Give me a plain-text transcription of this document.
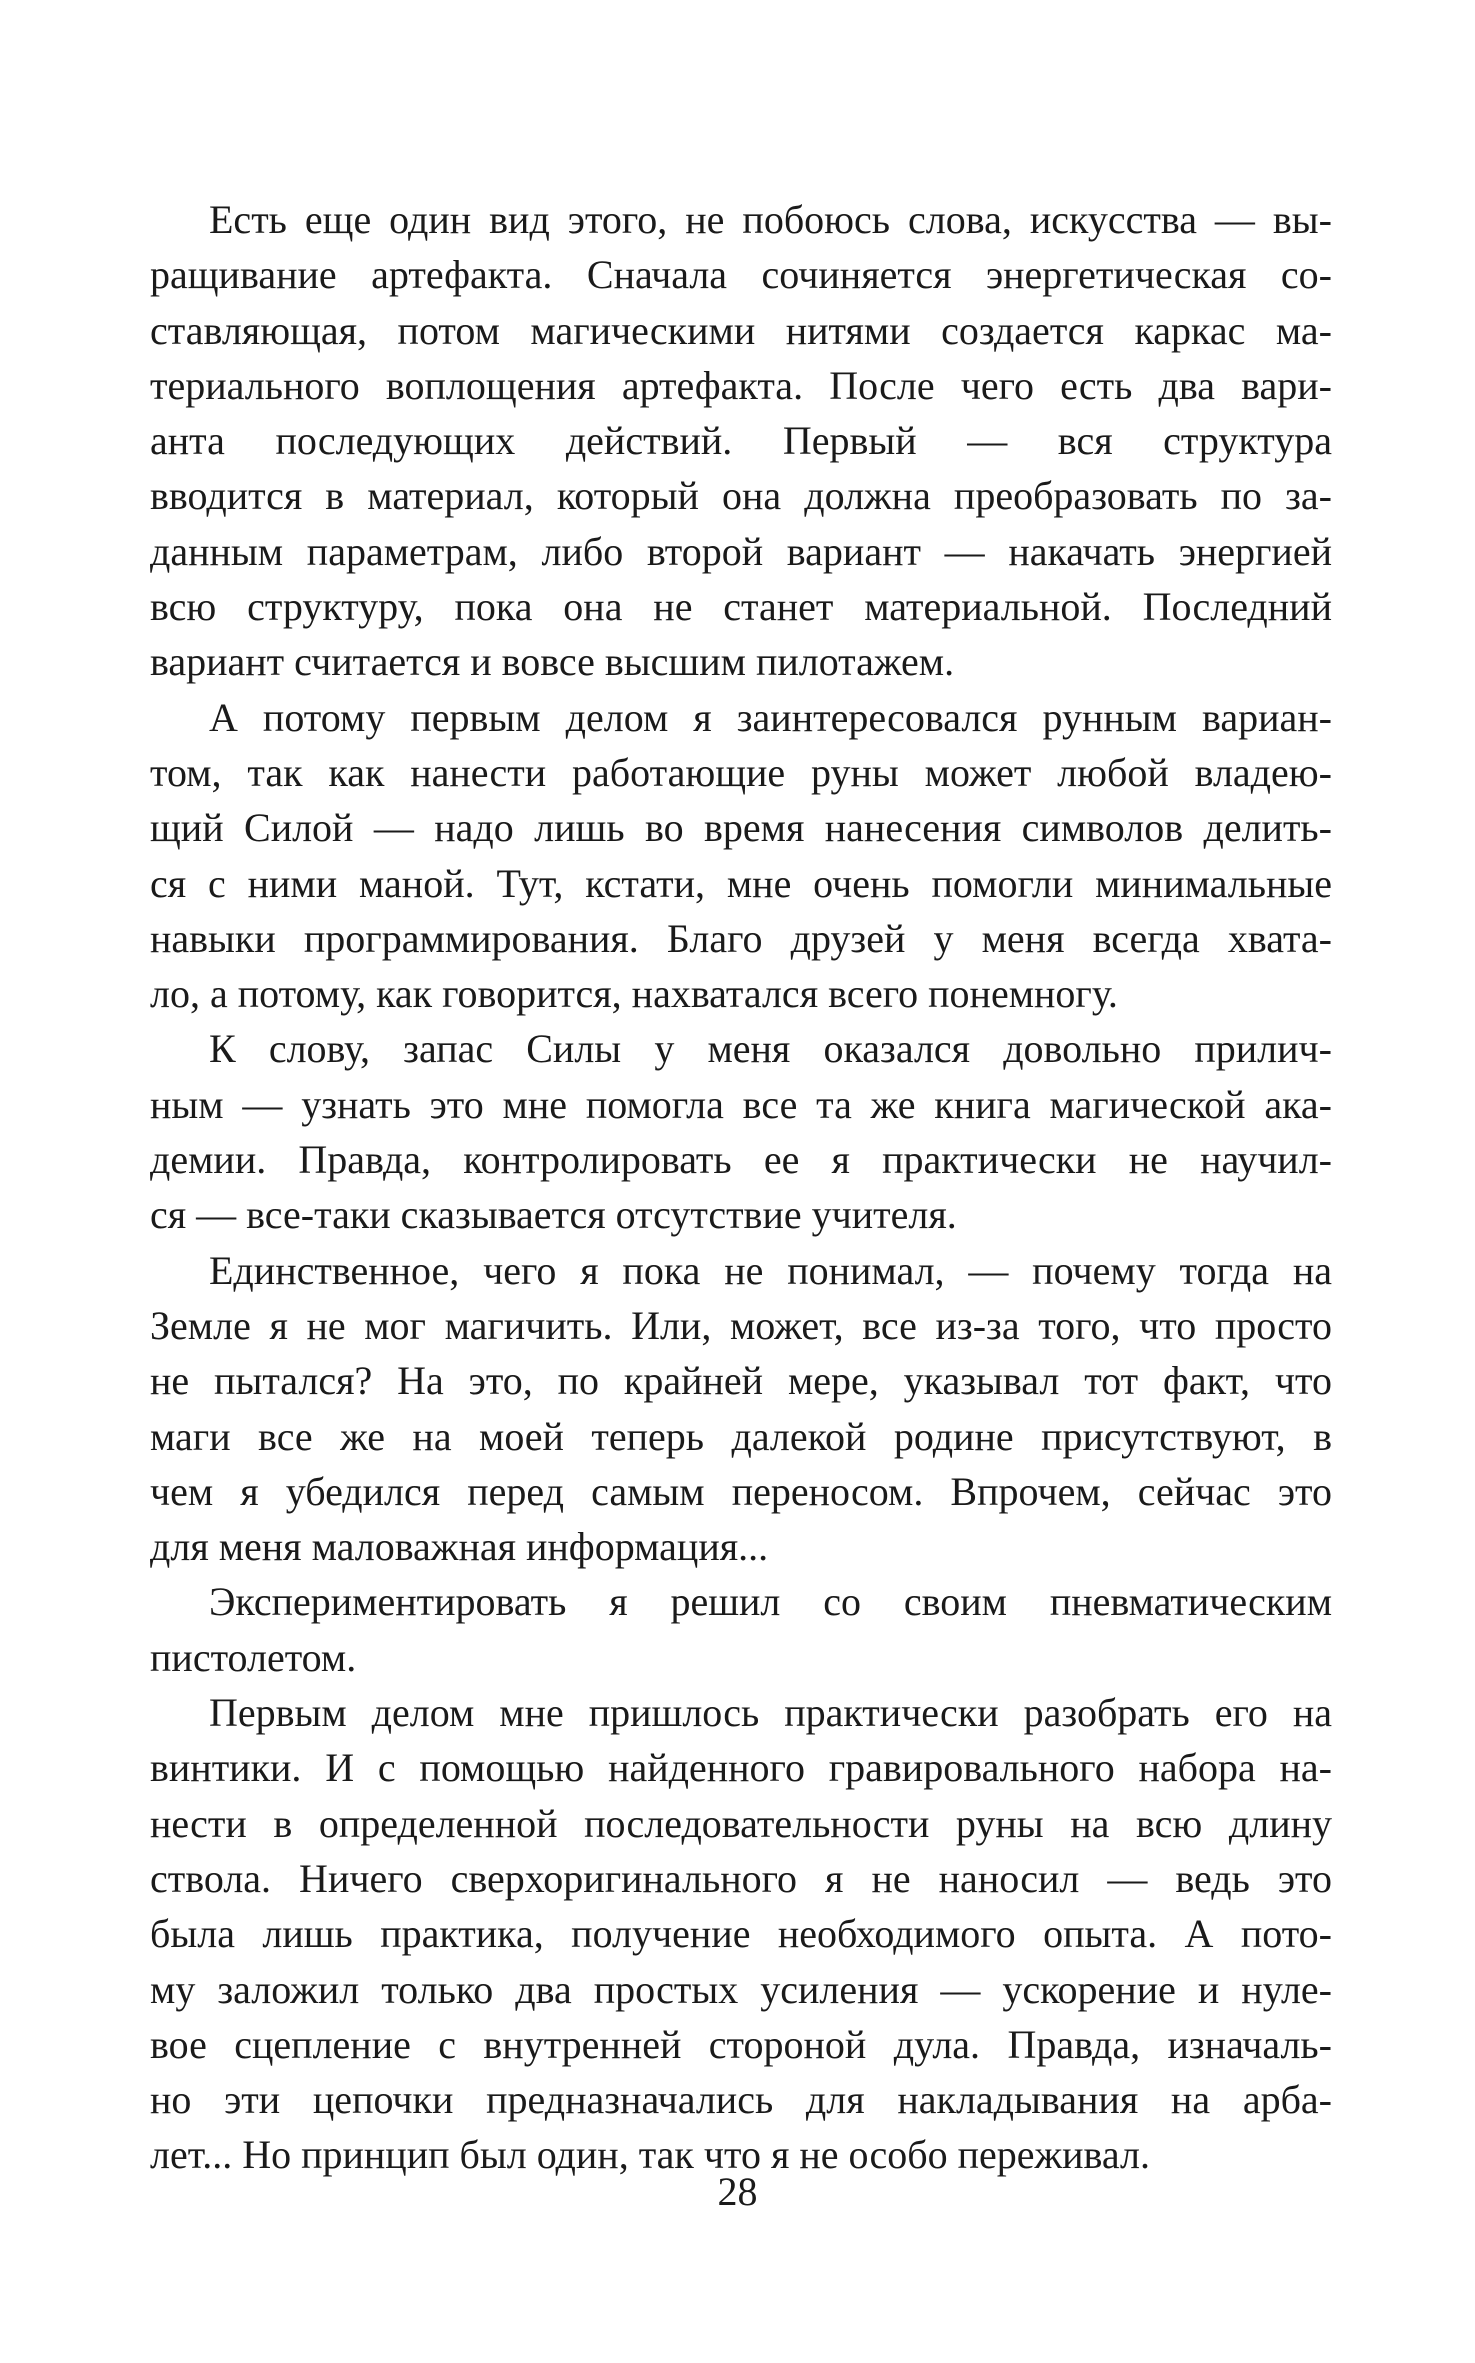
Есть еще один вид этого, не побоюсь слова, искусства — вы-
ращивание артефакта. Сначала сочиняется энергетическая со-
ставляющая, потом магическими нитями создается каркас ма-
териального воплощения артефакта. После чего есть два вари-
анта последующих действий. Первый — вся структура
вводится в материал, который она должна преобразовать по за-
данным параметрам, либо второй вариант — накачать энергией
всю структуру, пока она не станет материальной. Последний
вариант считается и вовсе высшим пилотажем.
А потому первым делом я заинтересовался рунным вариан-
том, так как нанести работающие руны может любой владею-
щий Силой — надо лишь во время нанесения символов делить-
ся с ними маной. Тут, кстати, мне очень помогли минимальные
навыки программирования. Благо друзей у меня всегда хвата-
ло, а потому, как говорится, нахватался всего понемногу.
К слову, запас Силы у меня оказался довольно прилич-
ным — узнать это мне помогла все та же книга магической ака-
демии. Правда, контролировать ее я практически не научил-
ся — все-таки сказывается отсутствие учителя.
Единственное, чего я пока не понимал, — почему тогда на
Земле я не мог магичить. Или, может, все из-за того, что просто
не пытался? На это, по крайней мере, указывал тот факт, что
маги все же на моей теперь далекой родине присутствуют, в
чем я убедился перед самым переносом. Впрочем, сейчас это
для меня маловажная информация...
Экспериментировать я решил со своим пневматическим
пистолетом.
Первым делом мне пришлось практически разобрать его на
винтики. И с помощью найденного гравировального набора на-
нести в определенной последовательности руны на всю длину
ствола. Ничего сверхоригинального я не наносил — ведь это
была лишь практика, получение необходимого опыта. А пото-
му заложил только два простых усиления — ускорение и нуле-
вое сцепление с внутренней стороной дула. Правда, изначаль-
но эти цепочки предназначались для накладывания на арба-
лет... Но принцип был один, так что я не особо переживал.
28
